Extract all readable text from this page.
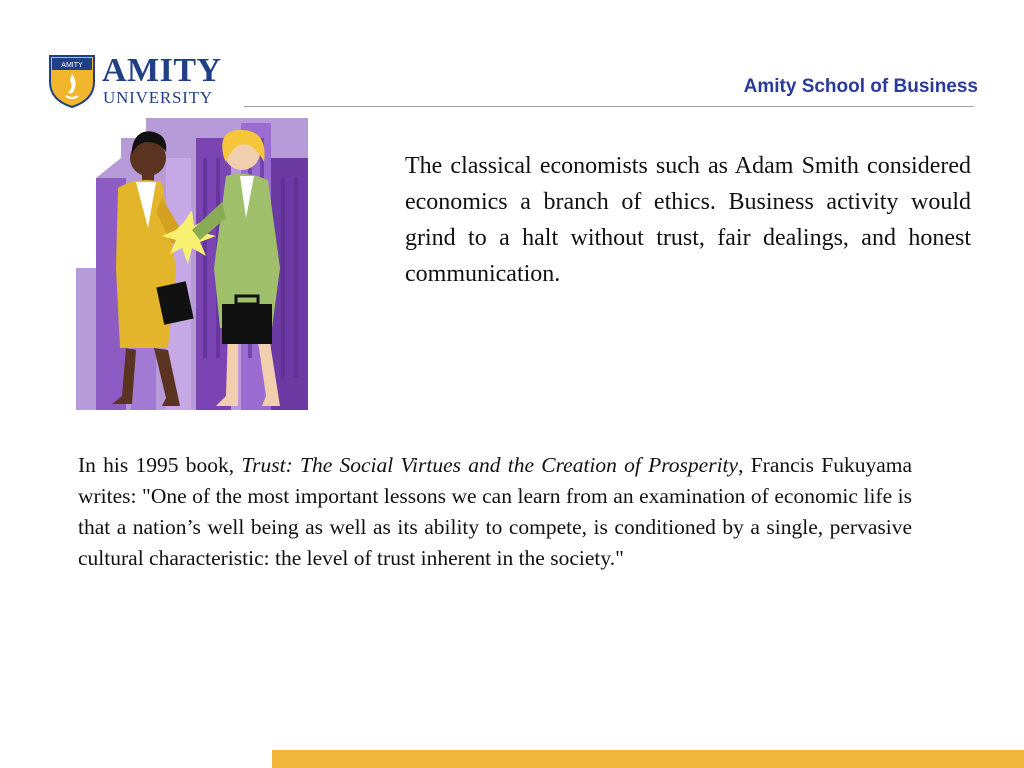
AMITY AMITY
UNIVERSITY
Amity School of Business

The classical economists such as Adam Smith considered economics a branch of ethics. Business activity would grind to a halt without trust, fair dealings, and honest communication.

In his 1995 book, Trust: The Social Virtues and the Creation of Prosperity, Francis Fukuyama writes: "One of the most important lessons we can learn from an examination of economic life is that a nation’s well being as well as its ability to compete, is conditioned by a single, pervasive cultural characteristic: the level of trust inherent in the society."
